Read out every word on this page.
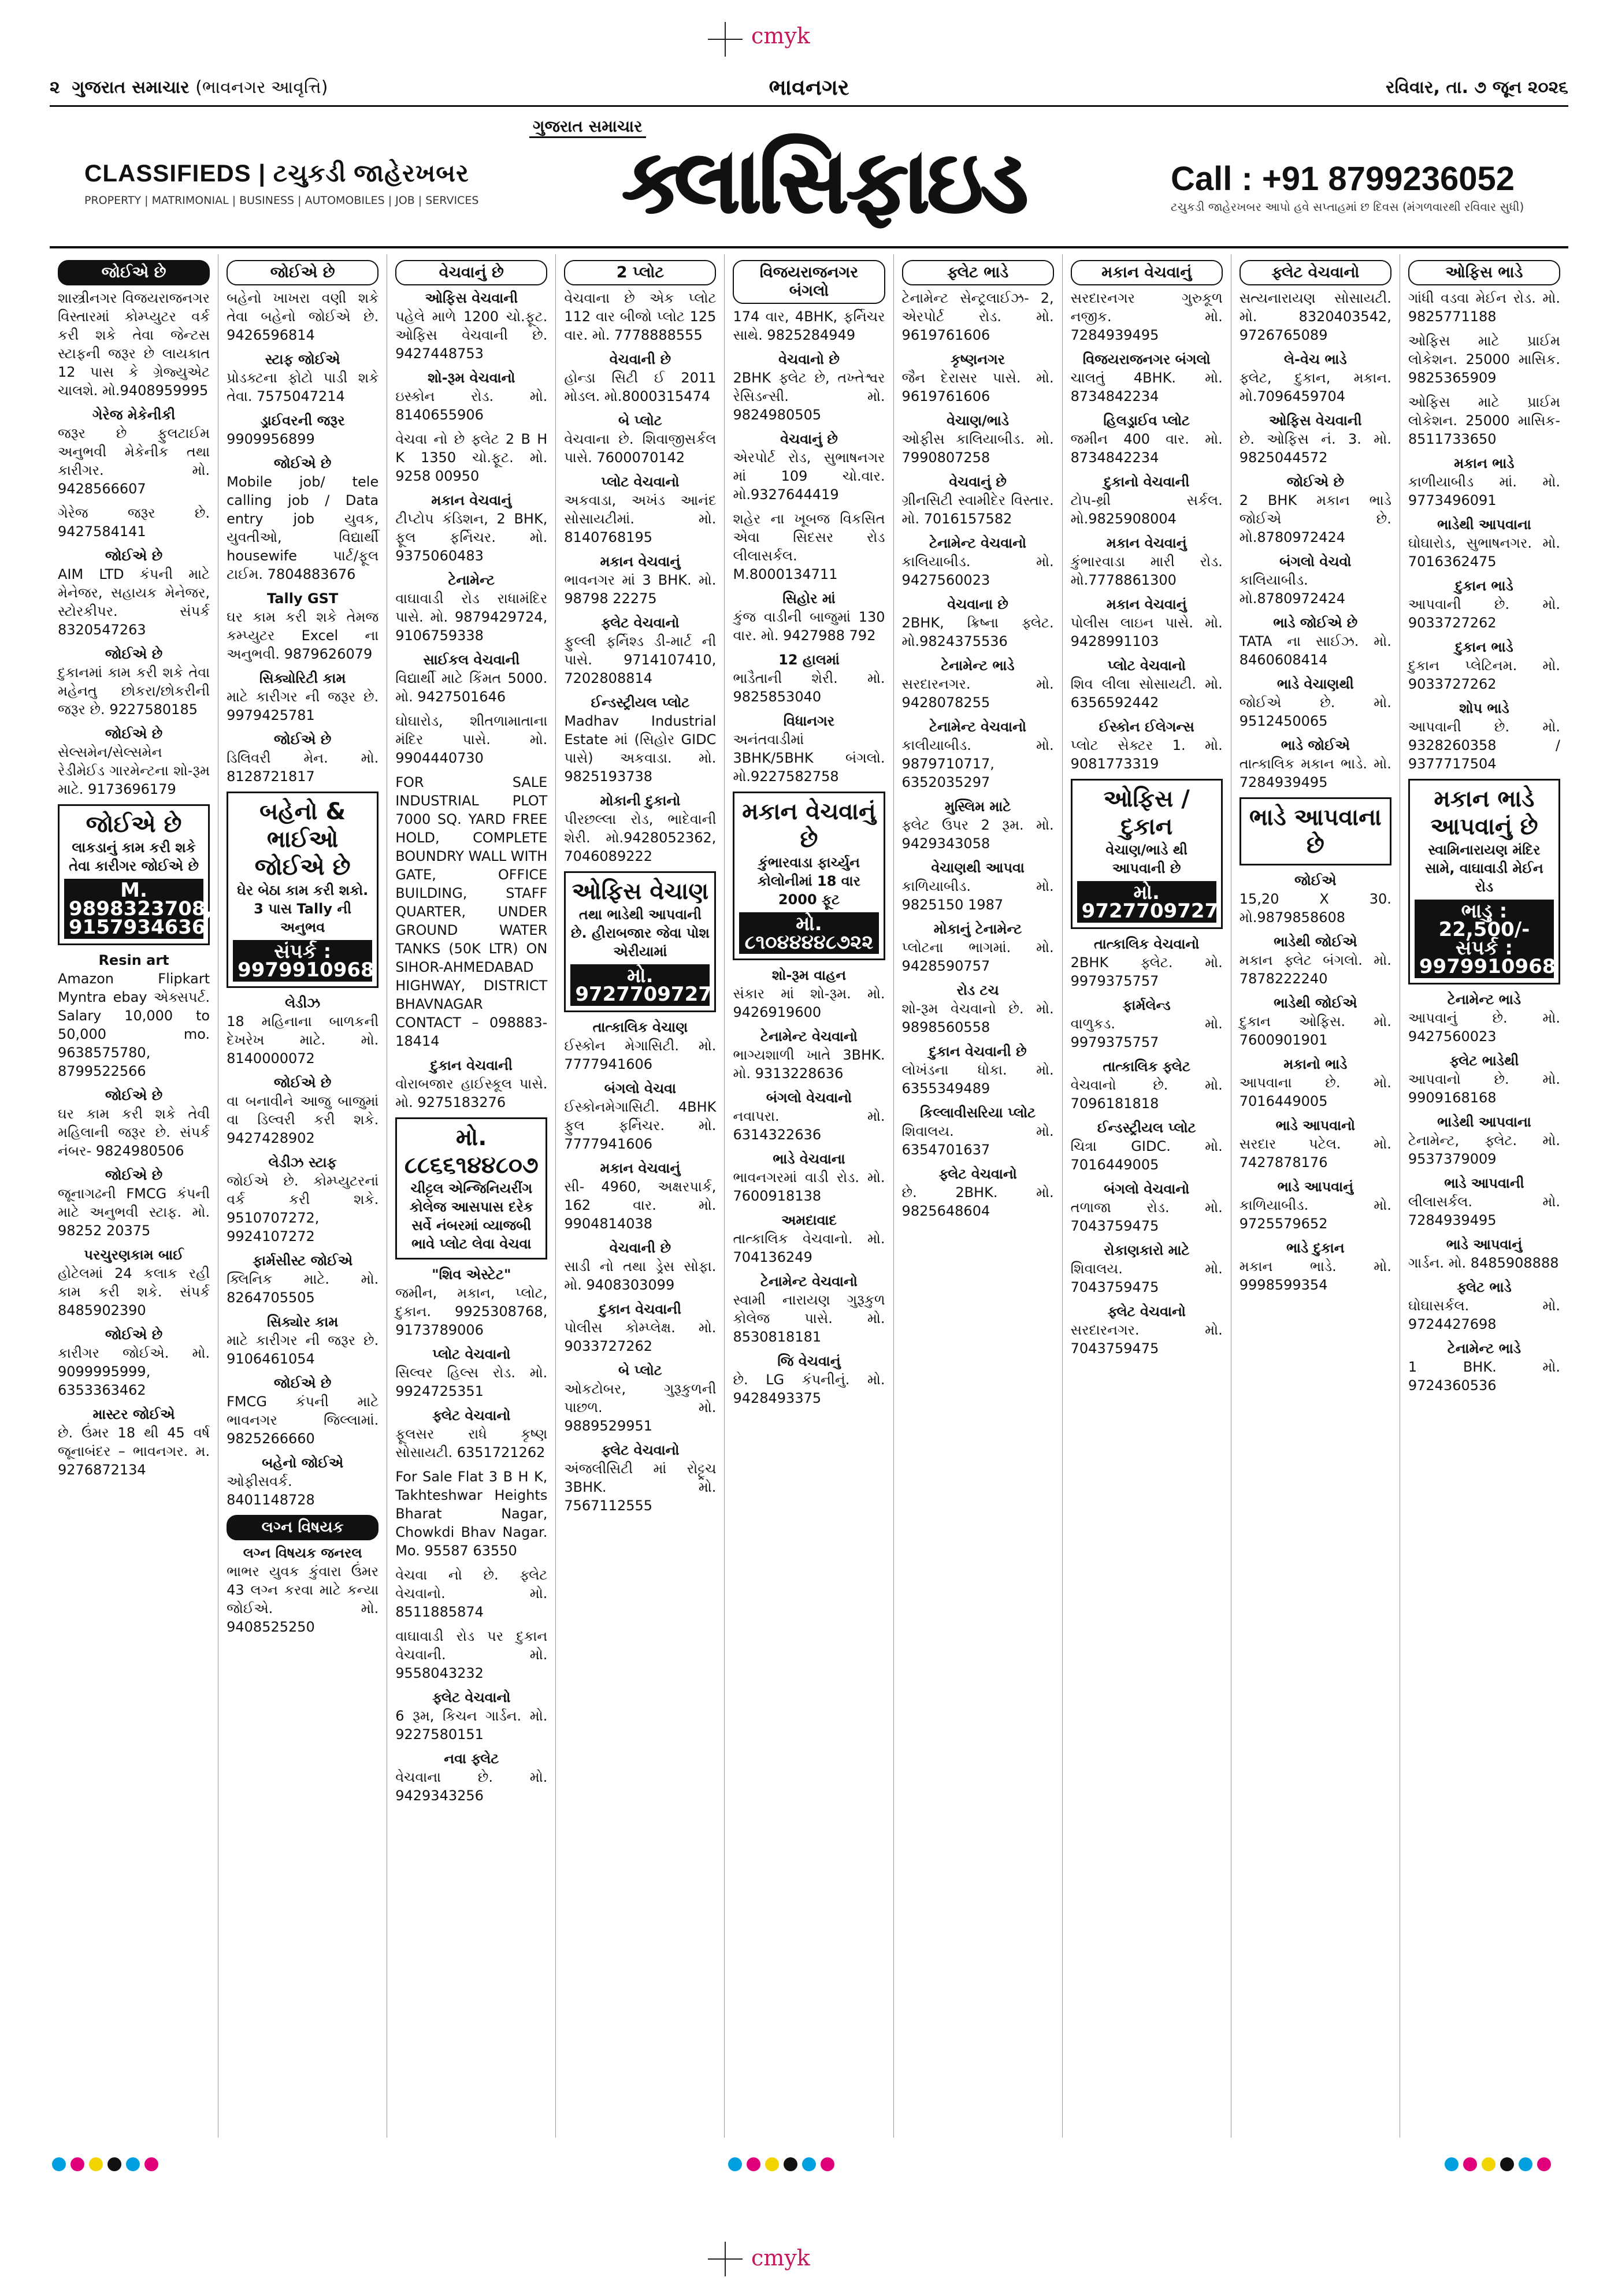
cmyk
૨ ગુજરાત સમાચાર (ભાવનગર આવૃત્તિ)	ભાવનગર	રવિવાર, તા. ૭ જૂન ૨૦૨૬
CLASSIFIEDS | ટચુકડી જાહેરખબર
PROPERTY | MATRIMONIAL | BUSINESS | AUTOMOBILES | JOB | SERVICES
ગુજરાત સમાચાર
ક્લાસિફાઇડ	Call : +91 8799236052
ટચુકડી જાહેરખબર આપો હવે સપ્તાહમાં છ દિવસ (મંગળવારથી રવિવાર સુધી)
જોઈએ છે
શાસ્ત્રીનગર વિજયરાજનગર વિસ્તારમાં કોમ્પ્યુટર વર્ક કરી શકે તેવા જેન્ટસ સ્ટાફની જરૂર છે લાયકાત 12 પાસ કે ગ્રેજ્યુએટ ચાલશે. મો.9408959995
ગેરેજ મેકેનીકી
જરૂર છે ફુલટાઈમ અનુભવી મેકેનીક તથા કારીગર. મો. 9428566607
ગેરેજ જરૂર છે. 9427584141
જોઈએ છે
AIM LTD કંપની માટે મેનેજર, સહાયક મેનેજર, સ્ટોરકીપર. સંપર્ક 8320547263
જોઈએ છે
દુકાનમાં કામ કરી શકે તેવા મહેનતુ છોકરા/છોકરીની જરૂર છે. 9227580185
જોઈએ છે
સેલ્સમેન/સેલ્સમેન રેડીમેઈડ ગારમેન્ટના શો-રૂમ માટે. 9173696179
જોઈએ છે
લાકડાનું કામ કરી શકે તેવા કારીગર જોઈએ છે
M. 9898323708, 9157934636
Resin art
Amazon Flipkart Myntra ebay એક્સપર્ટ. Salary 10,000 to 50,000 mo. 9638575780, 8799522566
જોઈએ છે
ઘર કામ કરી શકે તેવી મહિલાની જરૂર છે. સંપર્ક નંબર- 9824980506
જોઈએ છે
જૂનાગઢની FMCG કંપની માટે અનુભવી સ્ટાફ. મો. 98252 20375
પરચુરણકામ બાઈ
હોટેલમાં 24 કલાક રહી કામ કરી શકે. સંપર્ક 8485902390
જોઈએ છે
કારીગર જોઈએ. મો. 9099995999, 6353363462
માસ્ટર જોઈએ
છે. ઉંમર 18 થી 45 વર્ષ જૂનાબંદર – ભાવનગર. મ. 9276872134
જોઈએ છે
બહેનો ખાખરા વણી શકે તેવા બહેનો જોઈએ છે. 9426596814
સ્ટાફ જોઈએ
પ્રોડક્ટના ફોટો પાડી શકે તેવા. 7575047214
ડ્રાઈવરની જરૂર
9909956899
જોઈએ છે
Mobile job/ tele calling job / Data entry job યુવક, યુવતીઓ, વિદ્યાર્થી housewife પાર્ટ/ફૂલ ટાઈમ. 7804883676
Tally GST
ઘર કામ કરી શકે તેમજ કમ્પ્યુટર Excel ના અનુભવી. 9879626079
સિક્યોરિટી કામ
માટે કારીગર ની જરૂર છે. 9979425781
જોઈએ છે
ડિલિવરી મેન. મો. 8128721817
બહેનો & ભાઈઓ જોઈએ છે
ઘેર બેઠા કામ કરી શકો. 3 પાસ Tally ની અનુભવ
સંપર્ક : 9979910968
લેડીઝ
18 મહિનાના બાળકની દેખરેખ માટે. મો. 8140000072
જોઈએ છે
વા બનાવીને આજુ બાજુમાં વા ડિલ્વરી કરી શકે. 9427428902
લેડીઝ સ્ટાફ
જોઈએ છે. કોમ્પ્યુટરનાં વર્ક કરી શકે. 9510707272, 9924107272
ફાર્મસીસ્ટ જોઈએ
ક્લિનિક માટે. મો. 8264705505
સિક્યોર કામ
માટે કારીગર ની જરૂર છે. 9106461054
જોઈએ છે
FMCG કંપની માટે ભાવનગર જિલ્લામાં. 9825266660
બહેનો જોઈએ
ઓફીસવર્ક. 8401148728
લગ્ન વિષયક
લગ્ન વિષયક જનરલ
ભાભર યુવક કુંવારા ઉંમર 43 લગ્ન કરવા માટે કન્યા જોઈએ. મો. 9408525250
વેચવાનું છે
ઓફિસ વેચવાની
પહેલે માળે 1200 ચો.ફૂટ. ઓફિસ વેચવાની છે. 9427448753
શો-રૂમ વેચવાનો
ઇસ્કોન રોડ. મો. 8140655906
વેચવા નો છે ફ્લેટ 2 B H K 1350 ચો.ફૂટ. મો. 9258 00950
મકાન વેચવાનું
ટીપ્ટોપ કંડિશન, 2 BHK, ફૂલ ફર્નિચર. મો. 9375060483
ટેનામેન્ટ
વાઘાવાડી રોડ રાધામંદિર પાસે. મો. 9879429724, 9106759338
સાઈકલ વેચવાની
વિદ્યાર્થી માટે કિંમત 5000. મો. 9427501646
ઘોઘારોડ, શીતળામાતાના મંદિર પાસે. મો. 9904440730
FOR SALE INDUSTRIAL PLOT 7000 SQ. YARD FREE HOLD, COMPLETE BOUNDRY WALL WITH GATE, OFFICE BUILDING, STAFF QUARTER, UNDER GROUND WATER TANKS (50K LTR) ON SIHOR-AHMEDABAD HIGHWAY, DISTRICT BHAVNAGAR CONTACT – 098883-18414
દુકાન વેચવાની
વોરાબજાર હાઈસ્કૂલ પાસે. મો. 9275183276
મો. ૮૮૬૬૧૪૪૮૦૭
ચીટ્ટલ એન્જિનિયરીંગ કોલેજ આસપાસ દરેક સર્વે નંબરમાં વ્યાજબી ભાવે પ્લોટ લેવા વેચવા
"શિવ એસ્ટેટ"
જમીન, મકાન, પ્લોટ, દુકાન. 9925308768, 9173789006
પ્લોટ વેચવાનો
સિલ્વર હિલ્સ રોડ. મો. 9924725351
ફ્લેટ વેચવાનો
ફૂલસર રાધે કૃષ્ણ સોસાયટી. 6351721262
For Sale Flat 3 B H K, Takhteshwar Heights Bharat Nagar, Chowkdi Bhav Nagar. Mo. 95587 63550
વેચવા નો છે. ફ્લેટ વેચવાનો. મો. 8511885874
વાઘાવાડી રોડ પર દુકાન વેચવાની. મો. 9558043232
ફ્લેટ વેચવાનો
6 રૂમ, કિચન ગાર્ડન. મો. 9227580151
નવા ફ્લેટ
વેચવાના છે. મો. 9429343256
2 પ્લોટ
વેચવાના છે એક પ્લોટ 112 વાર બીજો પ્લોટ 125 વાર. મો. 7778888555
વેચવાની છે
હોન્ડા સિટી ઈ 2011 મોડલ. મો.8000315474
બે પ્લોટ
વેચવાના છે. શિવાજીસર્કલ પાસે. 7600070142
પ્લોટ વેચવાનો
અકવાડા, અખંડ આનંદ સોસાયટીમાં. મો. 8140768195
મકાન વેચવાનું
ભાવનગર માં 3 BHK. મો. 98798 22275
ફ્લેટ વેચવાનો
ફુલ્લી ફર્નિશ્ડ ડી-માર્ટ ની પાસે. 9714107410, 7202808814
ઈન્ડસ્ટ્રીયલ પ્લોટ
Madhav Industrial Estate માં (સિહોર GIDC પાસે) અકવાડા. મો. 9825193738
મોકાની દુકાનો
પીરછલ્લા રોડ, ભાદેવાની શેરી. મો.9428052362, 7046089222
ઓફિસ વેચાણ
તથા ભાડેથી આપવાની છે. હીરાબજાર જેવા પોશ એરીયામાં
મો. 9727709727
તાત્કાલિક વેચાણ
ઈસ્કોન મેગાસિટી. મો. 7777941606
બંગલો વેચવા
ઈસ્કોનમેગાસિટી. 4BHK ફુલ ફર્નિચર. મો. 7777941606
મકાન વેચવાનું
સી- 4960, અક્ષરપાર્ક, 162 વાર. મો. 9904814038
વેચવાની છે
સાડી નો તથા ડ્રેસ સોફા. મો. 9408303099
દુકાન વેચવાની
પોલીસ કોમ્પ્લેક્ષ. મો. 9033727262
બે પ્લોટ
ઓકટોબર, ગુરૂકુળની પાછળ. મો. 9889529951
ફ્લેટ વેચવાનો
અંજલીસિટી માં રોટ્ટ્રચ 3BHK. મો. 7567112555
વિજયરાજનગર બંગલો
174 વાર, 4BHK, ફર્નિચર સાથે. 9825284949
વેચવાનો છે
2BHK ફ્લેટ છે, તખ્તેશ્વર રેસિડન્સી. મો. 9824980505
વેચવાનું છે
એરપોર્ટ રોડ, સુભાષનગર માં 109 ચો.વાર. મો.9327644419
શહેર ના ખૂબજ વિકસિત એવા સિદસર રોડ લીલાસર્કલ. M.8000134711
સિહોર માં
કુંજ વાડીની બાજુમાં 130 વાર. મો. 9427988 792
12 હાલમાં
ભાડૈતાની શેરી. મો. 9825853040
વિધાનગર
અનંતવાડીમાં 3BHK/5BHK બંગલો. મો.9227582758
મકાન વેચવાનું છે
કુંભારવાડા ફાર્ચ્યુન કોલોનીમાં 18 વાર 2000 ફૂટ
મો. ૮૧૦૪૪૪૪૮૭૨૨
શો-રૂમ વાહન
સંકાર માં શો-રૂમ. મો. 9426919600
ટેનામેન્ટ વેચવાનો
ભાગ્યશાળી ખાતે 3BHK. મો. 9313228636
બંગલો વેચવાનો
નવાપરા. મો. 6314322636
ભાડે વેચવાના
ભાવનગરમાં વાડી રોડ. મો. 7600918138
અમદાવાદ
તાત્કાલિક વેચવાનો. મો. 704136249
ટેનામેન્ટ વેચવાનો
સ્વામી નારાયણ ગુરૂકુળ કોલેજ પાસે. મો. 8530818181
જિ વેચવાનું
છે. LG કંપનીનું. મો. 9428493375
ફ્લેટ ભાડે
ટેનામેન્ટ સેન્ટ્રલાઈઝ- 2, એરપોર્ટ રોડ. મો. 9619761606
કૃષ્ણનગર
જૈન દેરાસર પાસે. મો. 9619761606
વેચાણ/ભાડે
ઓફીસ કાલિયાબીડ. મો. 7990807258
વેચવાનું છે
ગ્રીનસિટી સ્વામીદેર વિસ્તાર. મો. 7016157582
ટેનામેન્ટ વેચવાનો
કાલિયાબીડ. મો. 9427560023
વેચવાના છે
2BHK, ક્રિષ્ના ફ્લેટ. મો.9824375536
ટેનામેન્ટ ભાડે
સરદારનગર. મો. 9428078255
ટેનામેન્ટ વેચવાનો
કાલીયાબીડ. મો. 9879710717, 6352035297
મુસ્લિમ માટે
ફ્લેટ ઉપર 2 રૂમ. મો. 9429343058
વેચાણથી આપવા
કાળિયાબીડ. મો. 9825150 1987
મોકાનું ટેનામેન્ટ
પ્લોટના ભાગમાં. મો. 9428590757
રોડ ટચ
શો-રૂમ વેચવાનો છે. મો. 9898560558
દુકાન વેચવાની છે
લોખંડના ધોકા. મો. 6355349489
કિલ્લાવીસરિયા પ્લોટ
શિવાલય. મો. 6354701637
ફ્લેટ વેચવાનો
છે. 2BHK. મો. 9825648604
મકાન વેચવાનું
સરદારનગર ગુરુકૂળ નજીક. મો. 7284939495
વિજયરાજનગર બંગલો
ચાલતું 4BHK. મો. 8734842234
હિલડ્રાઈવ પ્લોટ
જમીન 400 વાર. મો. 8734842234
દુકાનો વેચવાની
ટોપ-થ્રી સર્કલ. મો.9825908004
મકાન વેચવાનું
કુંભારવાડા મારી રોડ. મો.7778861300
મકાન વેચવાનું
પોલીસ લાઇન પાસે. મો. 9428991103
પ્લોટ વેચવાનો
શિવ લીલા સોસાયટી. મો. 6356592442
ઈસ્કોન ઈલેગન્સ
પ્લોટ સેક્ટર 1. મો. 9081773319
ઓફિસ / દુકાન
વેચાણ/ભાડે થી આપવાની છે
મો. 9727709727
તાત્કાલિક વેચવાનો
2BHK ફ્લેટ. મો. 9979375757
ફાર્મલેન્ડ
વાળુકડ. મો. 9979375757
તાત્કાલિક ફ્લેટ
વેચવાનો છે. મો. 7096181818
ઈન્ડસ્ટ્રીયલ પ્લોટ
ચિત્રા GIDC. મો. 7016449005
બંગલો વેચવાનો
તળાજા રોડ. મો. 7043759475
રોકાણકારો માટે
શિવાલય. મો. 7043759475
ફ્લેટ વેચવાનો
સરદારનગર. મો. 7043759475
ફ્લેટ વેચવાનો
સત્યનારાયણ સોસાયટી. મો. 8320403542, 9726765089
લે-વેચ ભાડે
ફ્લેટ, દુકાન, મકાન. મો.7096459704
ઓફિસ વેચવાની
છે. ઓફિસ નં. 3. મો. 9825044572
જોઈએ છે
2 BHK મકાન ભાડે જોઈએ છે. મો.8780972424
બંગલો વેચવો
કાલિયાબીડ. મો.8780972424
ભાડે જોઈએ છે
TATA ના સાઈઝ. મો. 8460608414
ભાડે વેચાણથી
જોઈએ છે. મો. 9512450065
ભાડે જોઈએ
તાત્કાલિક મકાન ભાડે. મો. 7284939495
ભાડે આપવાના છે
જોઈએ
15,20 X 30. મો.9879858608
ભાડેથી જોઈએ
મકાન ફ્લેટ બંગલો. મો. 7878222240
ભાડેથી જોઈએ
દુકાન ઓફિસ. મો. 7600901901
મકાનો ભાડે
આપવાના છે. મો. 7016449005
ભાડે આપવાનો
સરદાર પટેલ. મો. 7427878176
ભાડે આપવાનું
કાળિયાબીડ. મો. 9725579652
ભાડે દુકાન
મકાન ભાડે. મો. 9998599354
ઓફિસ ભાડે
ગાંધી વડવા મેઈન રોડ. મો. 9825771188
ઓફિસ માટે પ્રાઈમ લોકેશન. 25000 માસિક. 9825365909
ઓફિસ માટે પ્રાઈમ લોકેશન. 25000 માસિક- 8511733650
મકાન ભાડે
કાળીયાબીડ માં. મો. 9773496091
ભાડેથી આપવાના
ઘોઘારોડ, સુભાષનગર. મો. 7016362475
દુકાન ભાડે
આપવાની છે. મો. 9033727262
દુકાન ભાડે
દુકાન પ્લેટિનમ. મો. 9033727262
શોપ ભાડે
આપવાની છે. મો. 9328260358 / 9377717504
મકાન ભાડે આપવાનું છે
સ્વામિનારાયણ મંદિર સામે, વાઘાવાડી મેઈન રોડ
ભાડુ : 22,500/- સંપર્ક : 9979910968
ટેનામેન્ટ ભાડે
આપવાનું છે. મો. 9427560023
ફ્લેટ ભાડેથી
આપવાનો છે. મો. 9909168168
ભાડેથી આપવાના
ટેનામેન્ટ, ફ્લેટ. મો. 9537379009
ભાડે આપવાની
લીલાસર્કલ. મો. 7284939495
ભાડે આપવાનું
ગાર્ડન. મો. 8485908888
ફ્લેટ ભાડે
ઘોઘાસર્કલ. મો. 9724427698
ટેનામેન્ટ ભાડે
1 BHK. મો. 9724360536
cmyk
